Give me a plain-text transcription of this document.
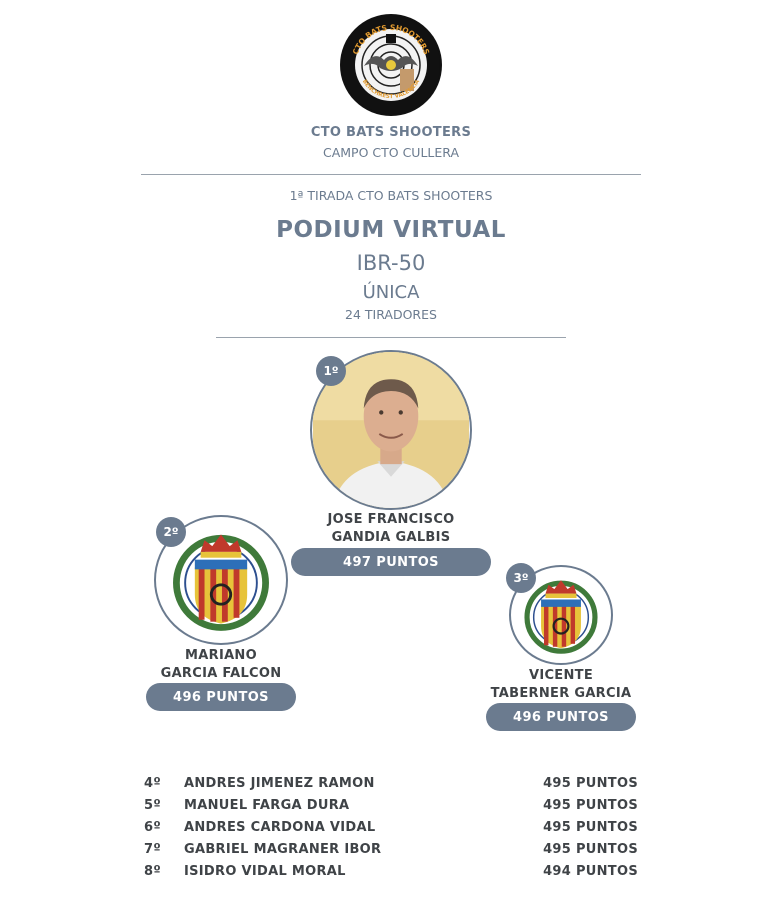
CTO BATS SHOOTERS
BENCHREST VALENCIA
CTO BATS SHOOTERS
CAMPO CTO CULLERA
1ª TIRADA CTO BATS SHOOTERS
PODIUM VIRTUAL
IBR-50
ÚNICA
24 TIRADORES
1º
JOSE FRANCISCO
GANDIA GALBIS
497 PUNTOS
2º
MARIANO
GARCIA FALCON
496 PUNTOS
3º
VICENTE
TABERNER GARCIA
496 PUNTOS
4º	ANDRES JIMENEZ RAMON	495 PUNTOS
5º	MANUEL FARGA DURA	495 PUNTOS
6º	ANDRES CARDONA VIDAL	495 PUNTOS
7º	GABRIEL MAGRANER IBOR	495 PUNTOS
8º	ISIDRO VIDAL MORAL	494 PUNTOS
